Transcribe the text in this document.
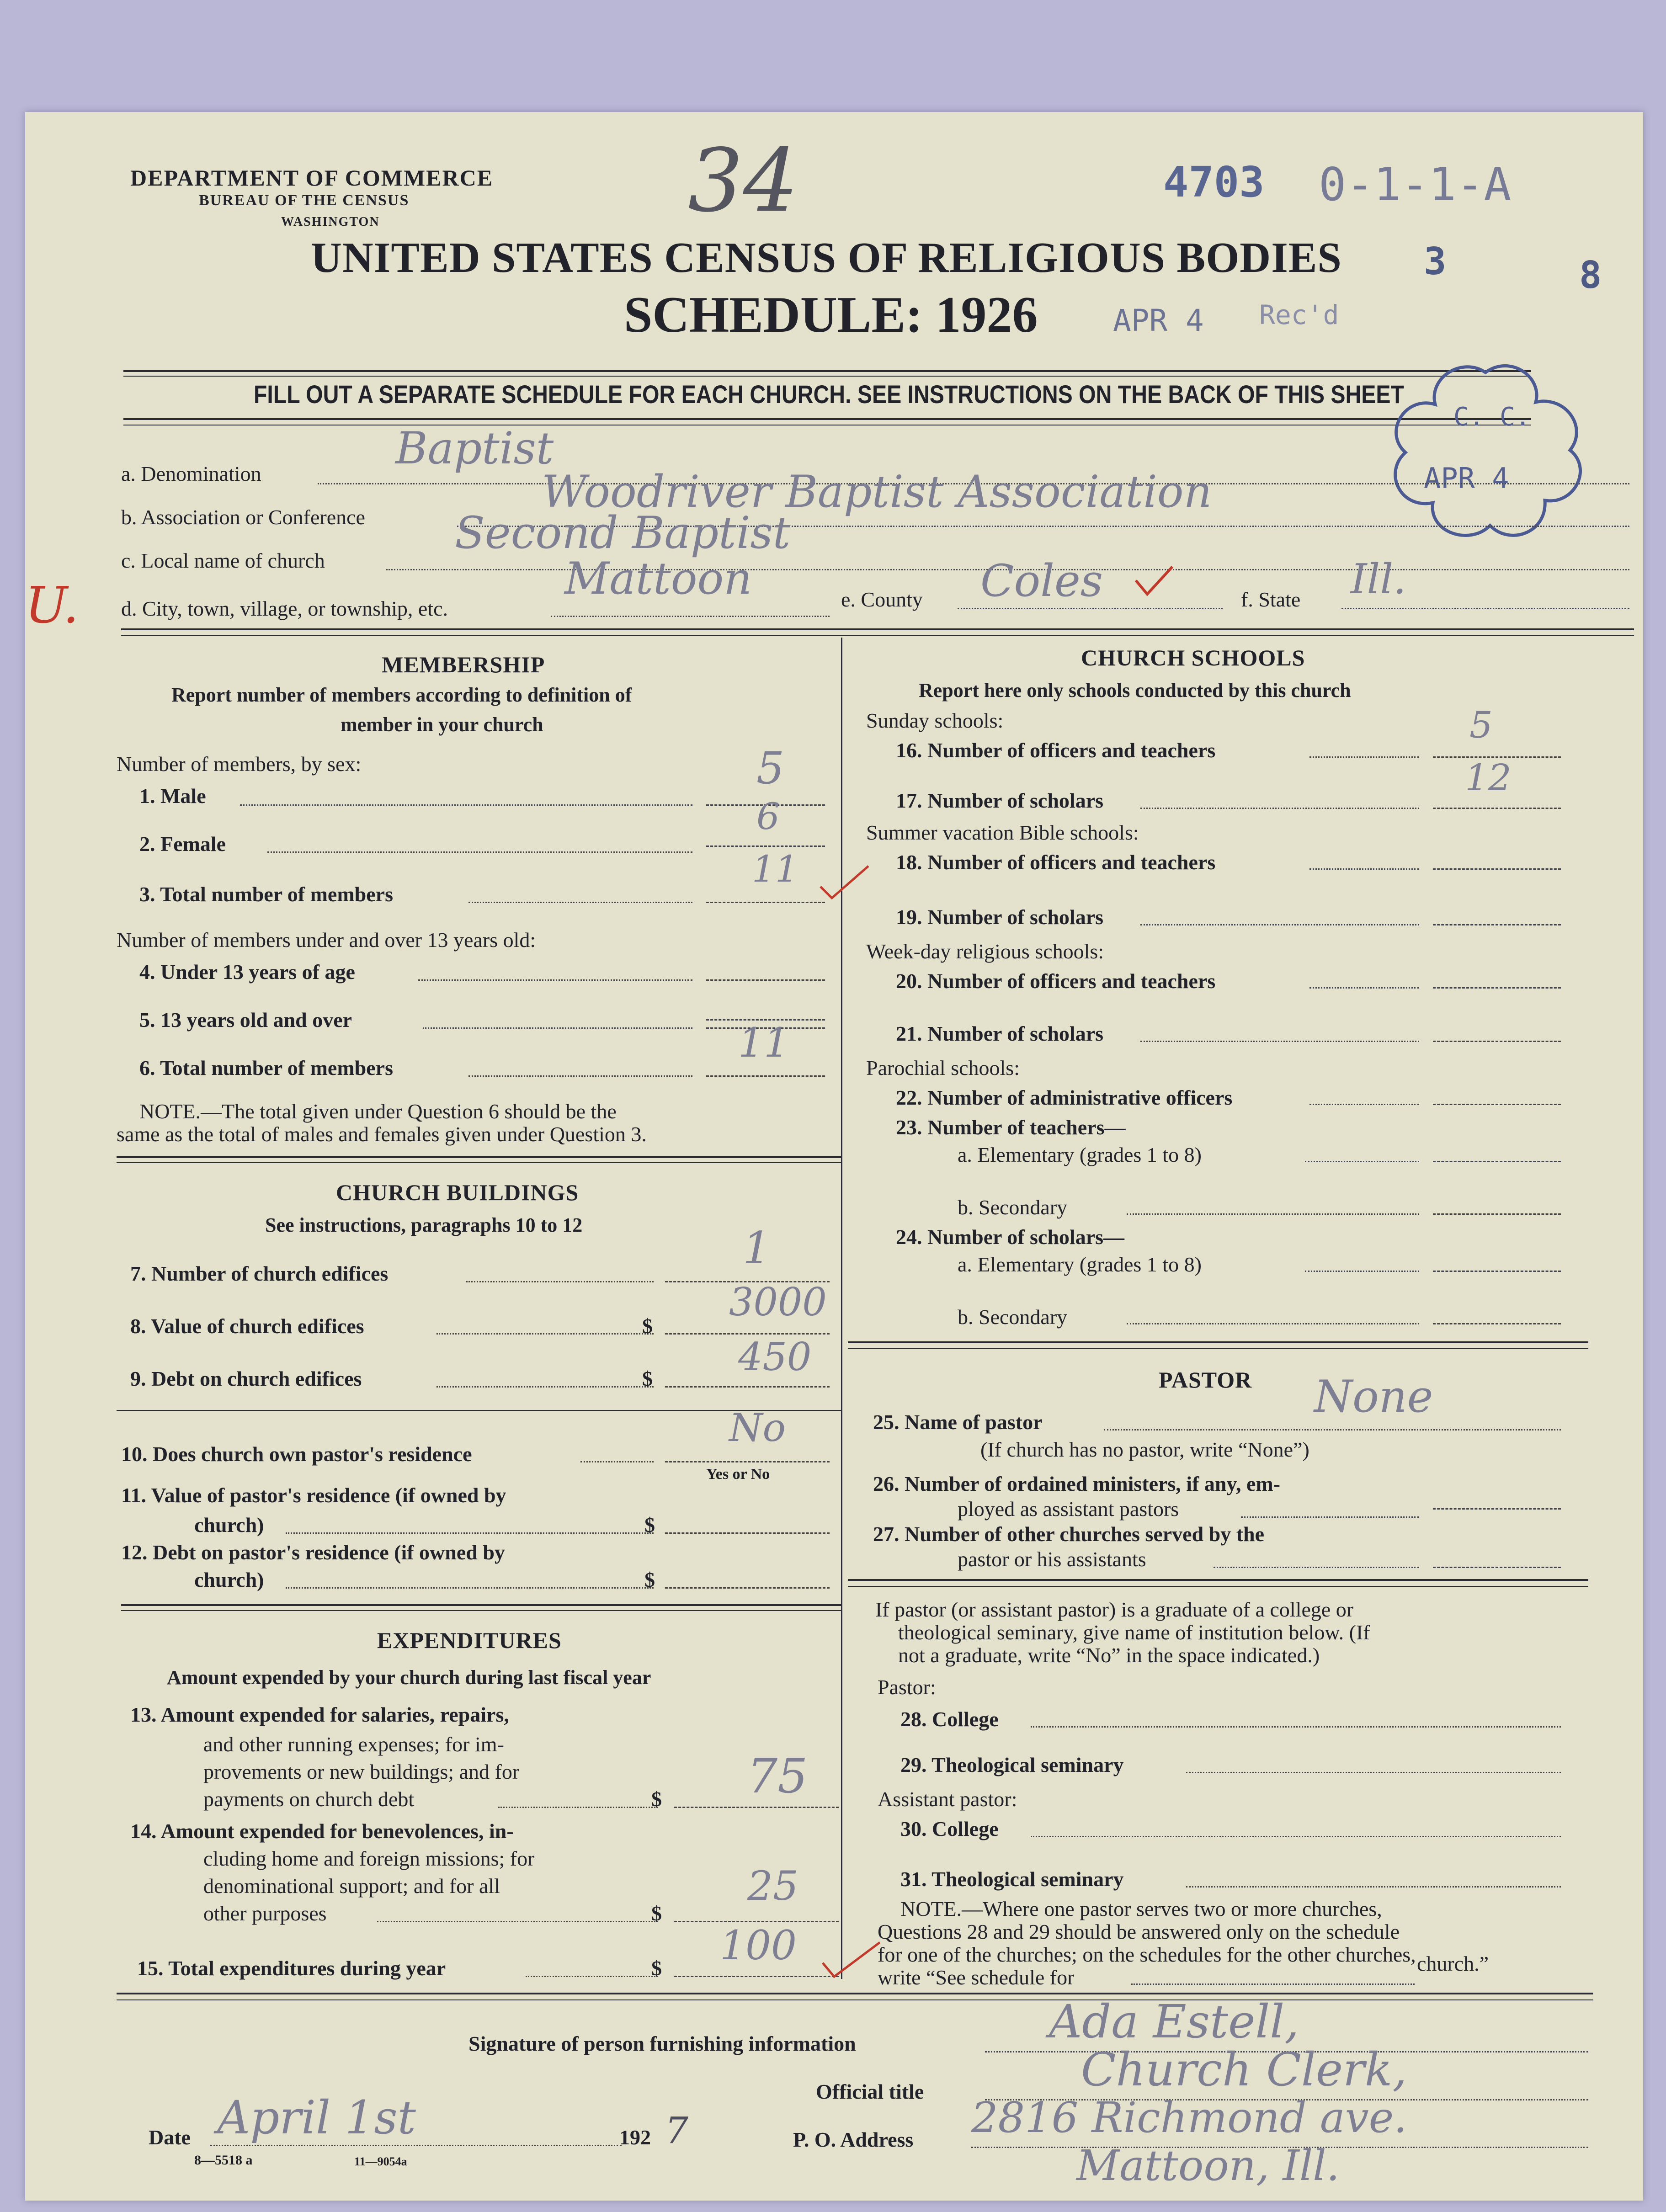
DEPARTMENT OF COMMERCE
BUREAU OF THE CENSUS
WASHINGTON	34	4703 0-1-1-A
UNITED STATES CENSUS OF RELIGIOUS BODIES 3	8
SCHEDULE: 1926 APR 4 Rec'd
FILL OUT A SEPARATE SCHEDULE FOR EACH CHURCH. SEE INSTRUCTIONS ON THE BACK OF THIS SHEET
C. C.
APR 4
a. Denomination	Baptist
b. Association or Conference	Woodriver Baptist Association
c. Local name of church
Second Baptist
U. d. City, town, village, or township, etc.
Mattoon	e. County Coles	f. State Ill.
MEMBERSHIP
Report number of members according to definition of
member in your church
Number of members, by sex:
1. Male
5
2. Female
6
3. Total number of members
11
Number of members under and over 13 years old:
4. Under 13 years of age
5. 13 years old and over
6. Total number of members
11
NOTE.—The total given under Question 6 should be the
same as the total of males and females given under Question 3.
CHURCH BUILDINGS
See instructions, paragraphs 10 to 12
7. Number of church edifices	1
8. Value of church edifices	$
3000
9. Debt on church edifices	$ 450
10. Does church own pastor's residence
No
Yes or No
11. Value of pastor's residence (if owned by
church)	$
12. Debt on pastor's residence (if owned by
church)	$
EXPENDITURES
Amount expended by your church during last fiscal year
13. Amount expended for salaries, repairs,
and other running expenses; for im-
provements or new buildings; and for
payments on church debt	$ 75
14. Amount expended for benevolences, in-
cluding home and foreign missions; for
denominational support; and for all
other purposes	$
25
15. Total expenditures during year	$ 100
CHURCH SCHOOLS
Report here only schools conducted by this church
Sunday schools:
16. Number of officers and teachers
5
17. Number of scholars
12
Summer vacation Bible schools:
18. Number of officers and teachers
19. Number of scholars
Week-day religious schools:
20. Number of officers and teachers
21. Number of scholars
Parochial schools:
22. Number of administrative officers
23. Number of teachers—
a. Elementary (grades 1 to 8)
b. Secondary
24. Number of scholars—
a. Elementary (grades 1 to 8)
b. Secondary
PASTOR
25. Name of pastor	None
(If church has no pastor, write “None”)
26. Number of ordained ministers, if any, em-
ployed as assistant pastors
27. Number of other churches served by the
pastor or his assistants
If pastor (or assistant pastor) is a graduate of a college or
theological seminary, give name of institution below. (If
not a graduate, write “No” in the space indicated.)
Pastor:
28. College
29. Theological seminary
Assistant pastor:
30. College
31. Theological seminary
NOTE.—Where one pastor serves two or more churches,
Questions 28 and 29 should be answered only on the schedule
for one of the churches; on the schedules for the other churches,
write “See schedule for
church.”
Signature of person furnishing information	Ada Estell,
Official title	Church Clerk,
Date April 1st	192 7
8—5518 a	11—9054a
P. O. Address 2816 Richmond ave.
Mattoon, Ill.
